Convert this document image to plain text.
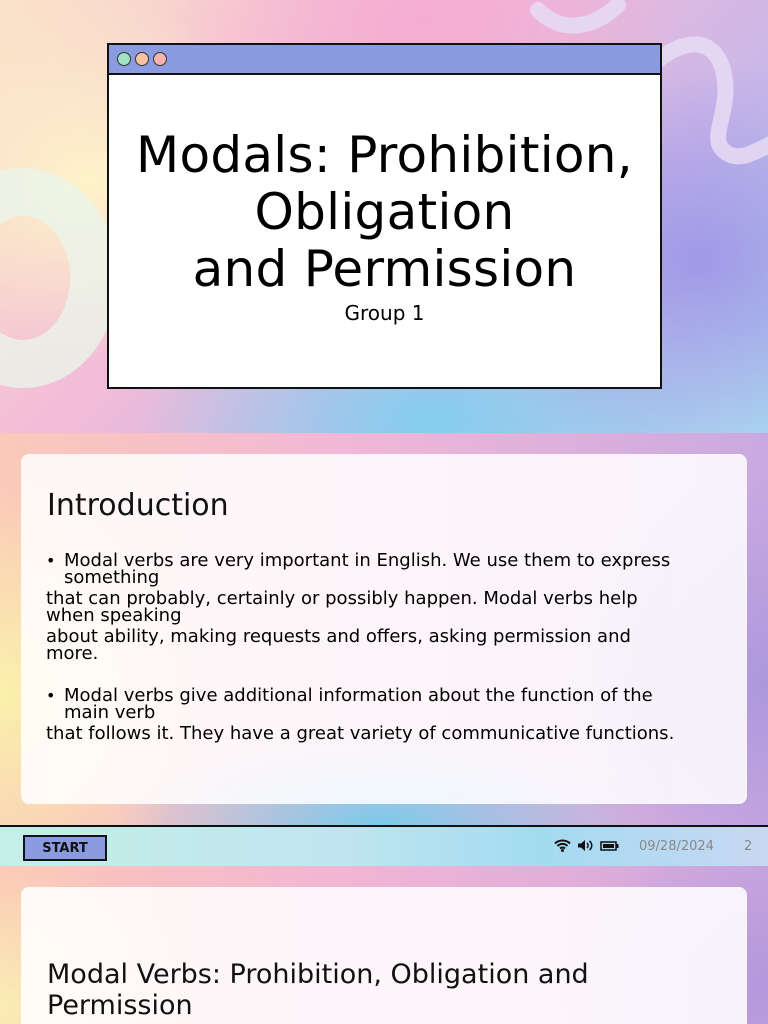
Modals: Prohibition,
Obligation
and Permission
Group 1
Introduction
• Modal verbs are very important in English. We use them to express
something
that can probably, certainly or possibly happen. Modal verbs help
when speaking
about ability, making requests and offers, asking permission and
more.
• Modal verbs give additional information about the function of the
main verb
that follows it. They have a great variety of communicative functions.
START	09/28/2024 2
Modal Verbs: Prohibition, Obligation and
Permission
